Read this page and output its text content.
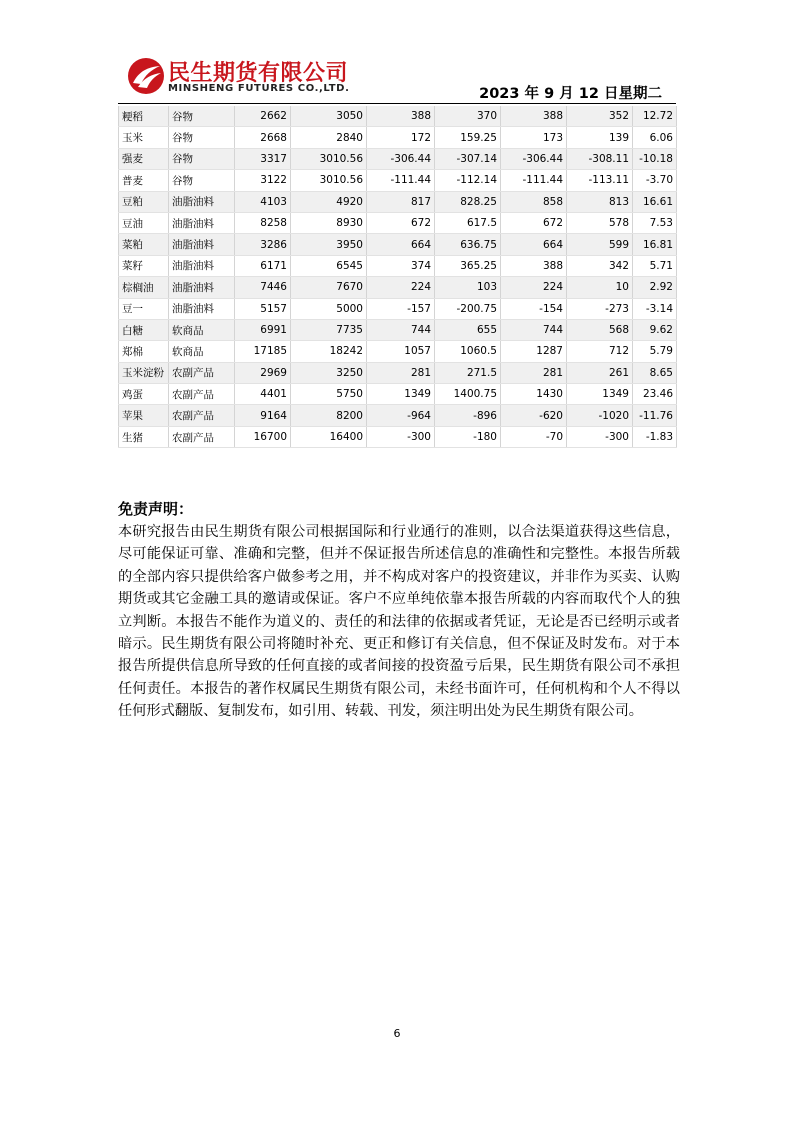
民生期货有限公司
MINSHENG FUTURES CO.,LTD.	2023 年 9 月 12 日星期二
粳稻	谷物	2662	3050	388	370	388	352	12.72
玉米	谷物	2668	2840	172	159.25	173	139	6.06
强麦	谷物	3317	3010.56	-306.44	-307.14	-306.44	-308.11	-10.18
普麦	谷物	3122	3010.56	-111.44	-112.14	-111.44	-113.11	-3.70
豆粕	油脂油料	4103	4920	817	828.25	858	813	16.61
豆油	油脂油料	8258	8930	672	617.5	672	578	7.53
菜粕	油脂油料	3286	3950	664	636.75	664	599	16.81
菜籽	油脂油料	6171	6545	374	365.25	388	342	5.71
棕榈油	油脂油料	7446	7670	224	103	224	10	2.92
豆一	油脂油料	5157	5000	-157	-200.75	-154	-273	-3.14
白糖	软商品	6991	7735	744	655	744	568	9.62
郑棉	软商品	17185	18242	1057	1060.5	1287	712	5.79
玉米淀粉	农副产品	2969	3250	281	271.5	281	261	8.65
鸡蛋	农副产品	4401	5750	1349	1400.75	1430	1349	23.46
苹果	农副产品	9164	8200	-964	-896	-620	-1020	-11.76
生猪	农副产品	16700	16400	-300	-180	-70	-300	-1.83
免责声明：
本研究报告由民生期货有限公司根据国际和行业通行的准则，以合法渠道获得这些信息，尽可能保证可靠、准确和完整，但并不保证报告所述信息的准确性和完整性。本报告所载的全部内容只提供给客户做参考之用，并不构成对客户的投资建议，并非作为买卖、认购期货或其它金融工具的邀请或保证。客户不应单纯依靠本报告所载的内容而取代个人的独立判断。本报告不能作为道义的、责任的和法律的依据或者凭证，无论是否已经明示或者暗示。民生期货有限公司将随时补充、更正和修订有关信息，但不保证及时发布。对于本报告所提供信息所导致的任何直接的或者间接的投资盈亏后果，民生期货有限公司不承担任何责任。本报告的著作权属民生期货有限公司，未经书面许可，任何机构和个人不得以任何形式翻版、复制发布，如引用、转载、刊发，须注明出处为民生期货有限公司。
6
